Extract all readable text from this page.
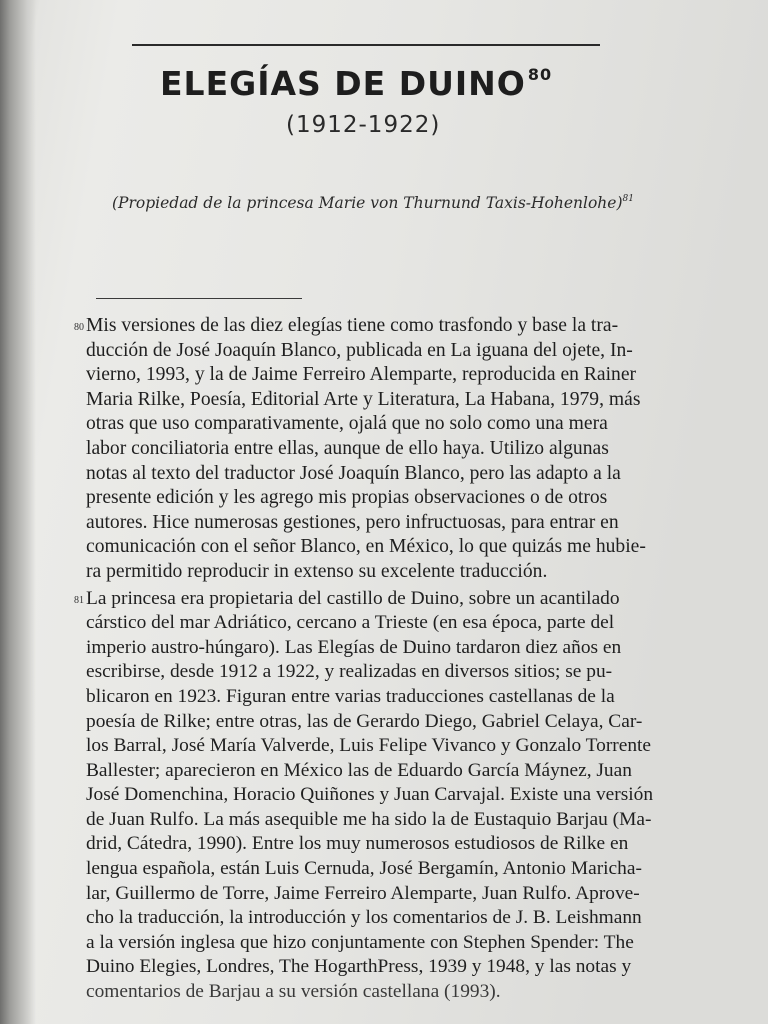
ELEGÍAS DE DUINO $^{80}$
(1912-1922)
(Propiedad de la princesa Marie von Thurnund Taxis-Hohenlohe)$^{81}$
80 Mis versiones de las diez elegías tiene como trasfondo y base la tra-
ducción de José Joaquín Blanco, publicada en La iguana del ojete, In-
vierno, 1993, y la de Jaime Ferreiro Alemparte, reproducida en Rainer
Maria Rilke, Poesía, Editorial Arte y Literatura, La Habana, 1979, más
otras que uso comparativamente, ojalá que no solo como una mera
labor conciliatoria entre ellas, aunque de ello haya. Utilizo algunas
notas al texto del traductor José Joaquín Blanco, pero las adapto a la
presente edición y les agrego mis propias observaciones o de otros
autores. Hice numerosas gestiones, pero infructuosas, para entrar en
comunicación con el señor Blanco, en México, lo que quizás me hubie-
ra permitido reproducir in extenso su excelente traducción.
81 La princesa era propietaria del castillo de Duino, sobre un acantilado
cárstico del mar Adriático, cercano a Trieste (en esa época, parte del
imperio austro-húngaro). Las Elegías de Duino tardaron diez años en
escribirse, desde 1912 a 1922, y realizadas en diversos sitios; se pu-
blicaron en 1923. Figuran entre varias traducciones castellanas de la
poesía de Rilke; entre otras, las de Gerardo Diego, Gabriel Celaya, Car-
los Barral, José María Valverde, Luis Felipe Vivanco y Gonzalo Torrente
Ballester; aparecieron en México las de Eduardo García Máynez, Juan
José Domenchina, Horacio Quiñones y Juan Carvajal. Existe una versión
de Juan Rulfo. La más asequible me ha sido la de Eustaquio Barjau (Ma-
drid, Cátedra, 1990). Entre los muy numerosos estudiosos de Rilke en
lengua española, están Luis Cernuda, José Bergamín, Antonio Maricha-
lar, Guillermo de Torre, Jaime Ferreiro Alemparte, Juan Rulfo. Aprove-
cho la traducción, la introducción y los comentarios de J. B. Leishmann
a la versión inglesa que hizo conjuntamente con Stephen Spender: The
Duino Elegies, Londres, The HogarthPress, 1939 y 1948, y las notas y
comentarios de Barjau a su versión castellana (1993).
